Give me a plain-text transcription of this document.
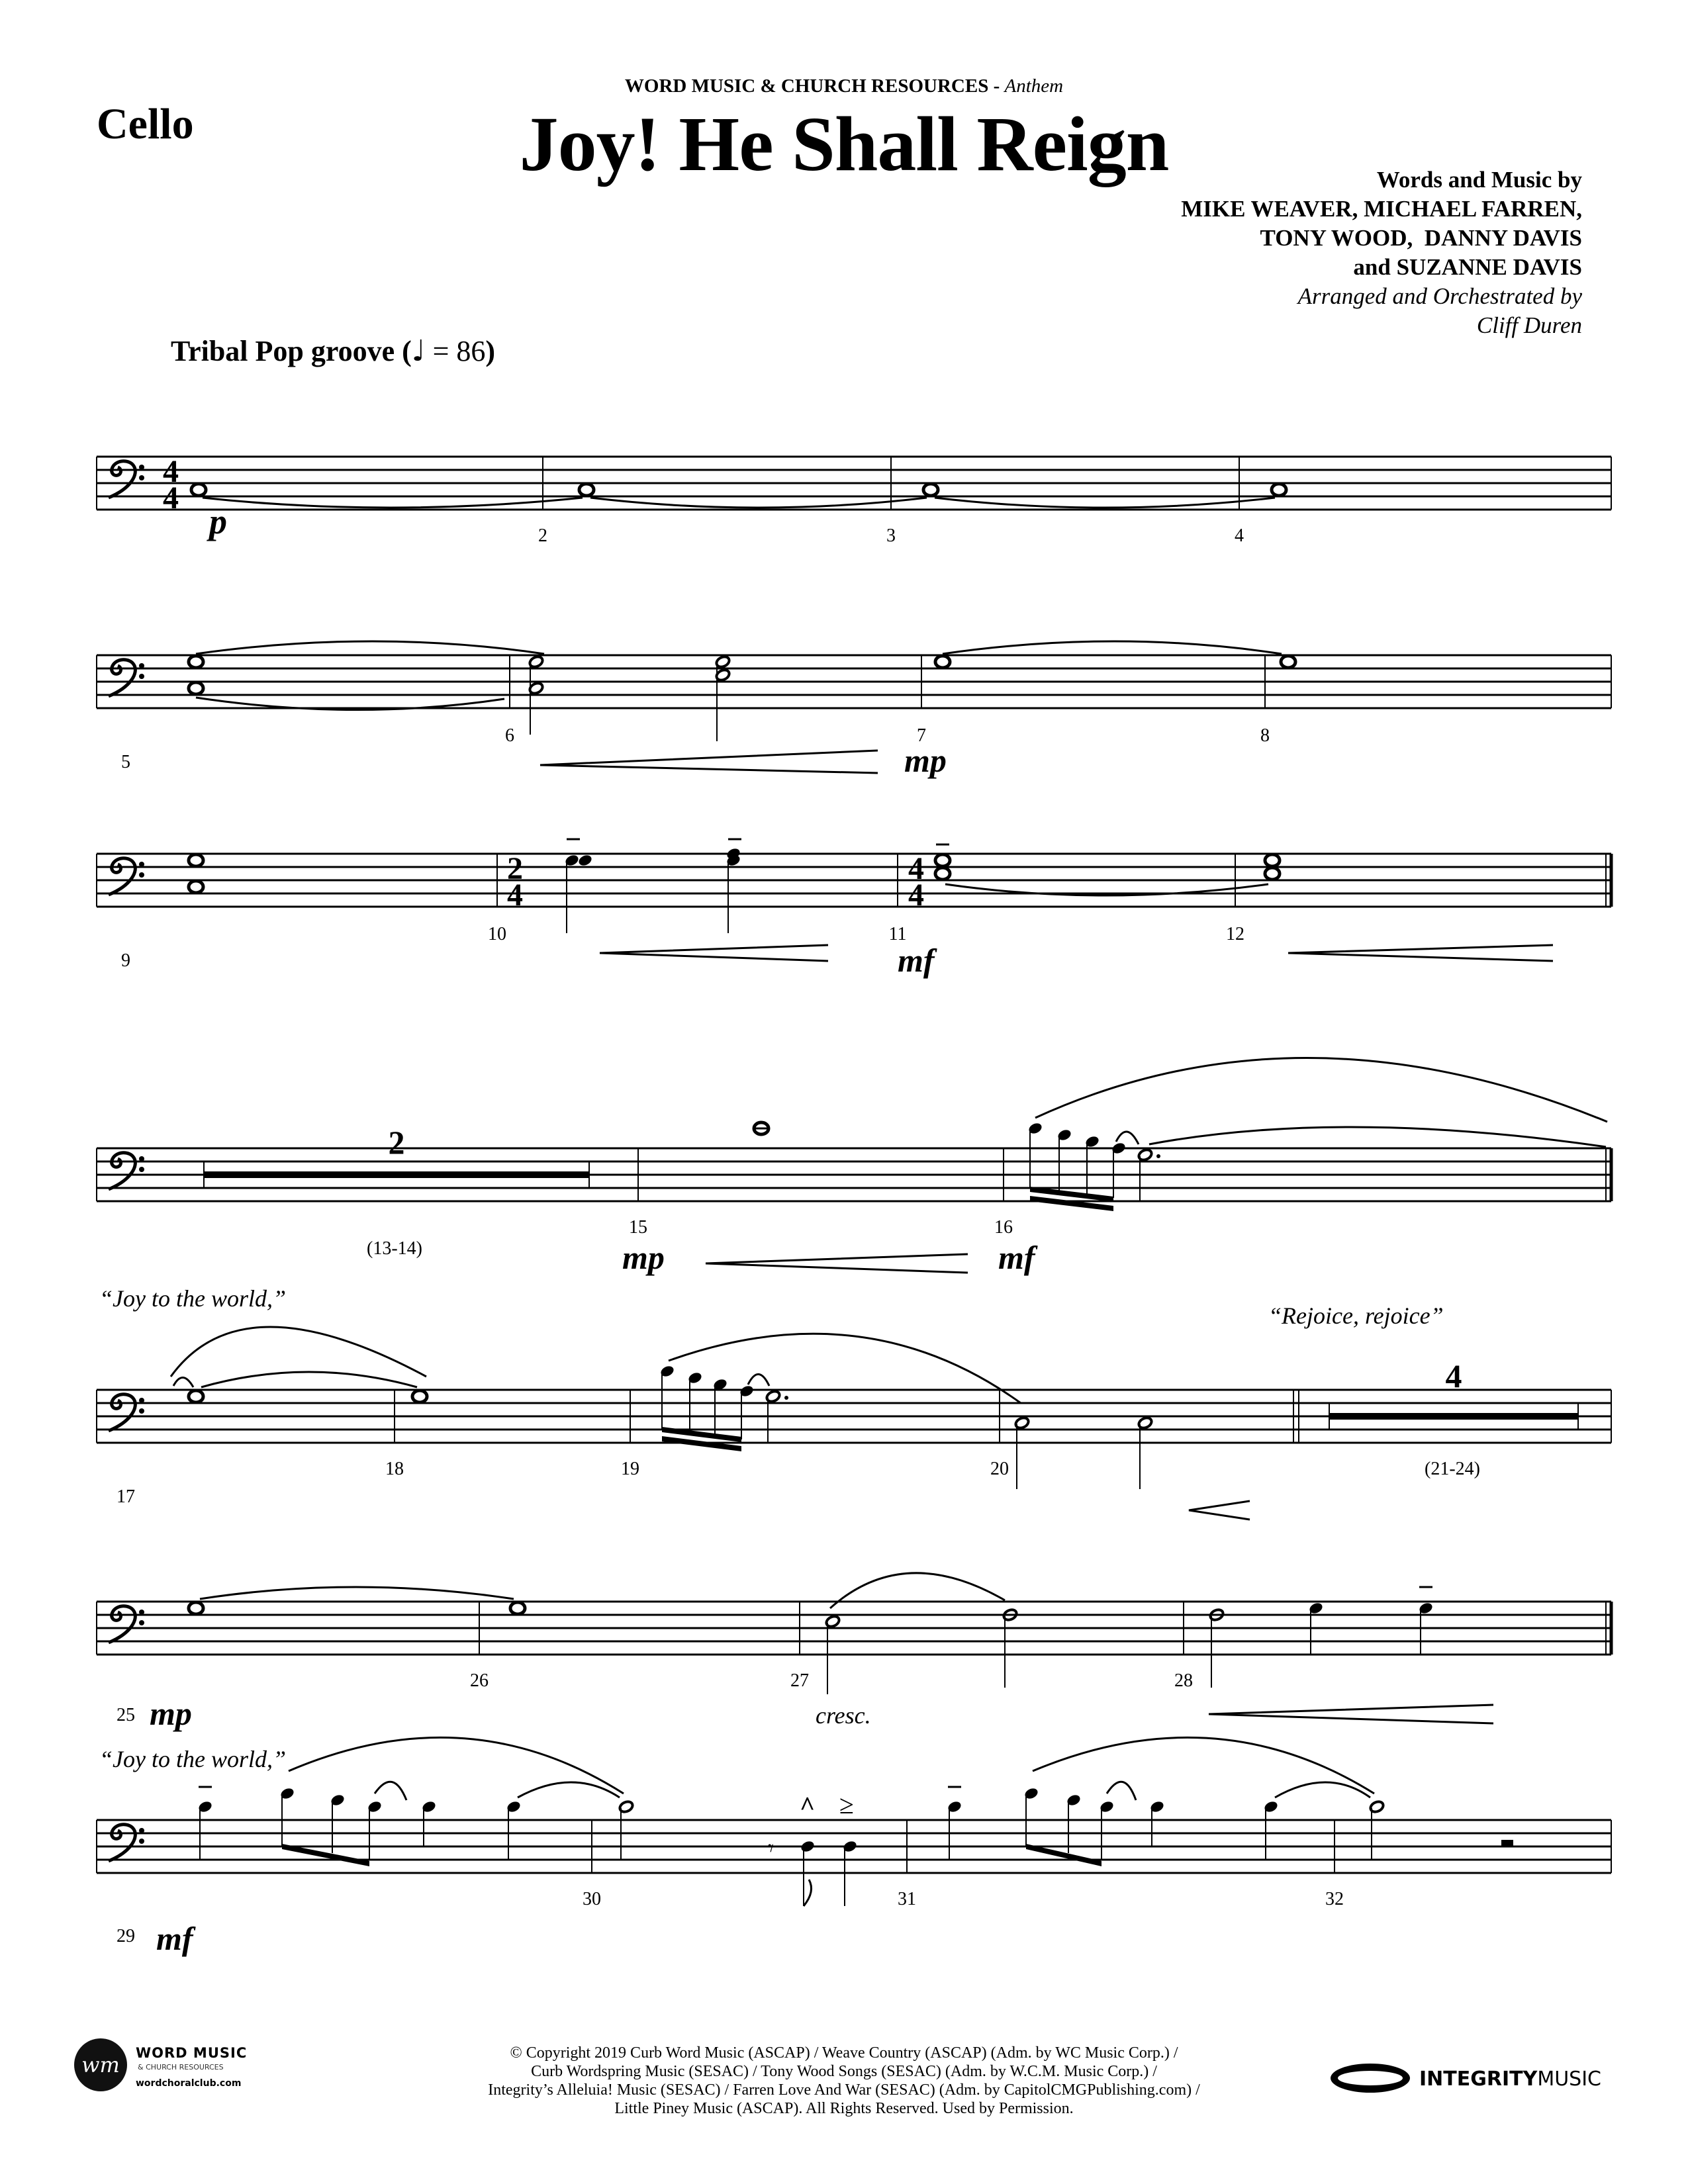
Cello
WORD MUSIC & CHURCH RESOURCES - Anthem
Joy! He Shall Reign	Words and Music by
MIKE WEAVER, MICHAEL FARREN,
TONY WOOD,  DANNY DAVIS
and SUZANNE DAVIS
Arranged and Orchestrated by
Cliff Duren
Tribal Pop groove (♩ = 86)
4
4
2	3	4
p
5
6	7	8
mp
2
4
4
4
9
10	11	12
mf
2
(13-14)
15	16
mp	mf
“Joy to the world,”
“Rejoice, rejoice”
4
17
18	19	20	(21-24)
25 mp
26	27	28
cresc.
“Joy to the world,”
𝄾
^ ≥
29 mf
30	31	32
wm	WORD MUSIC
& CHURCH RESOURCES
wordchoralclub.com
© Copyright 2019 Curb Word Music (ASCAP) / Weave Country (ASCAP) (Adm. by WC Music Corp.) /
Curb Wordspring Music (SESAC) / Tony Wood Songs (SESAC) (Adm. by W.C.M. Music Corp.) /
Integrity’s Alleluia! Music (SESAC) / Farren Love And War (SESAC) (Adm. by CapitolCMGPublishing.com) /
Little Piney Music (ASCAP). All Rights Reserved. Used by Permission.
INTEGRITYMUSIC
